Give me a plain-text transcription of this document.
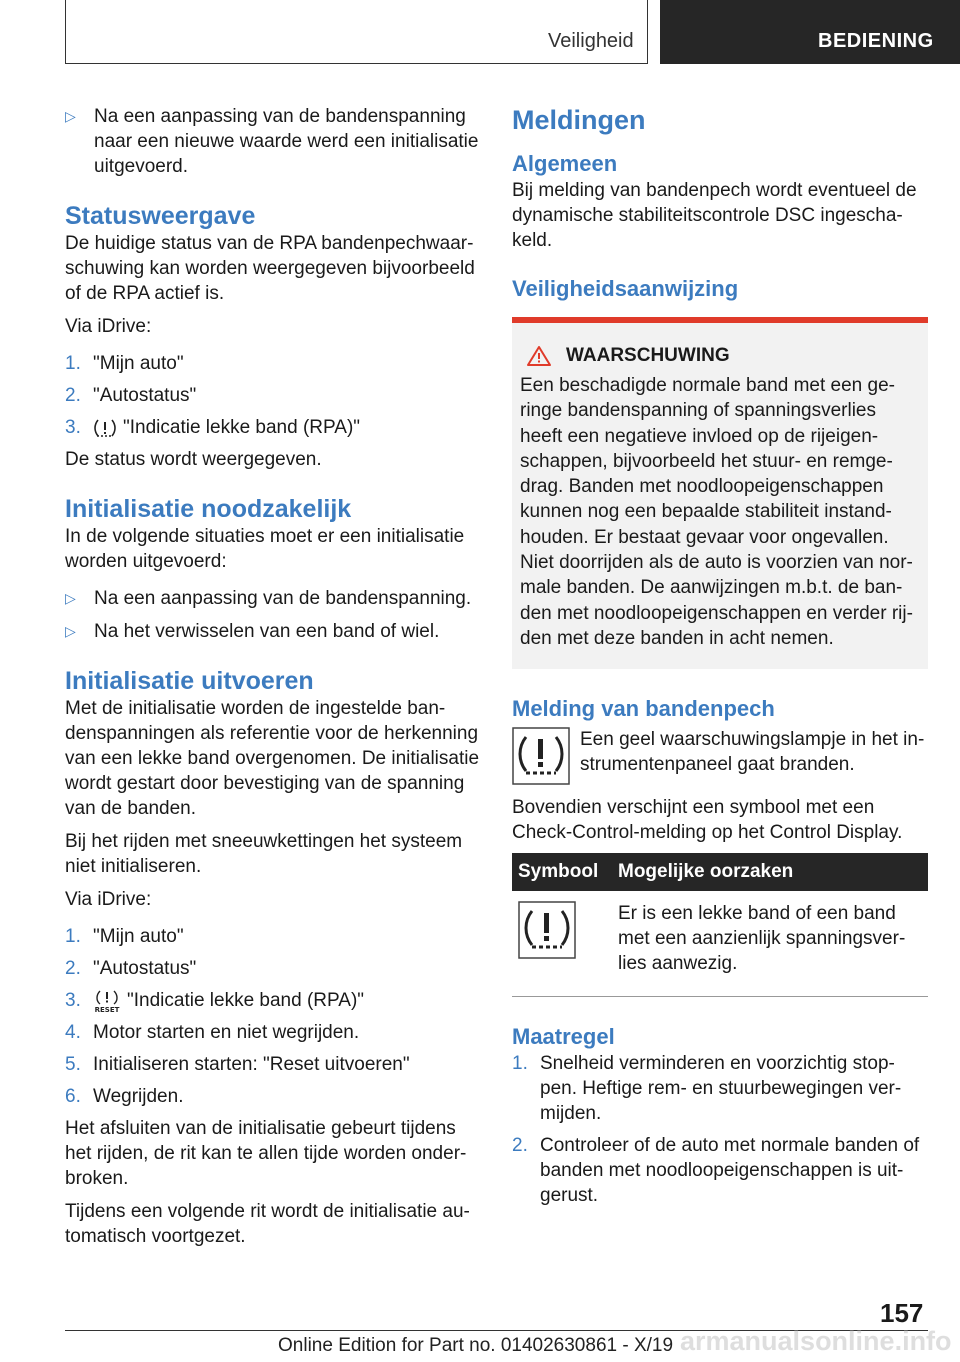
Veiligheid	BEDIENING
▷ Na een aanpassing van de bandenspanning naar een nieuwe waarde werd een initialisatie uitgevoerd.
Statusweergave

De huidige status van de RPA bandenpechwaar-schuwing kan worden weergegeven bijvoorbeeld of de RPA actief is.

Via iDrive:

1. "Mijn auto"
2. "Autostatus"
3.	"Indicatie lekke band (RPA)"

De status wordt weergegeven.

Initialisatie noodzakelijk

In de volgende situaties moet er een initialisatie worden uitgevoerd:

▷ Na een aanpassing van de bandenspanning.
▷ Na het verwisselen van een band of wiel.
Initialisatie uitvoeren

Met de initialisatie worden de ingestelde ban-denspanningen als referentie voor de herkenning van een lekke band overgenomen. De initialisatie wordt gestart door bevestiging van de spanning van de banden.

Bij het rijden met sneeuwkettingen het systeem niet initialiseren.

Via iDrive:

1. "Mijn auto"
2. "Autostatus"
3.	RESET "Indicatie lekke band (RPA)"
4. Motor starten en niet wegrijden.
5. Initialiseren starten: "Reset uitvoeren"
6. Wegrijden.

Het afsluiten van de initialisatie gebeurt tijdens het rijden, de rit kan te allen tijde worden onder-broken.

Tijdens een volgende rit wordt de initialisatie au-tomatisch voortgezet.

Meldingen
Algemeen

Bij melding van bandenpech wordt eventueel de dynamische stabiliteitscontrole DSC ingescha-keld.

Veiligheidsaanwijzing
WAARSCHUWING

Een beschadigde normale band met een ge-ringe bandenspanning of spanningsverlies heeft een negatieve invloed op de rijeigen-schappen, bijvoorbeeld het stuur- en remge-drag. Banden met noodloopeigenschappen kunnen nog een bepaalde stabiliteit instand-houden. Er bestaat gevaar voor ongevallen.

Niet doorrijden als de auto is voorzien van nor-male banden. De aanwijzingen m.b.t. de ban-den met noodloopeigenschappen en verder rij-den met deze banden in acht nemen.

Melding van bandenpech

Een geel waarschuwingslampje in het in-strumentenpaneel gaat branden.

Bovendien verschijnt een symbool met een Check-Control-melding op het Control Display.

Symbool	Mogelijke oorzaken
	Er is een lekke band of een band met een aanzienlijk spanningsver-lies aanwezig.
Maatregel
1. Snelheid verminderen en voorzichtig stop-pen. Heftige rem- en stuurbewegingen ver-mijden.
2. Controleer of de auto met normale banden of banden met noodloopeigenschappen is uit-gerust.
157
Online Edition for Part no. 01402630861 - X/19 armanualsonline.info
